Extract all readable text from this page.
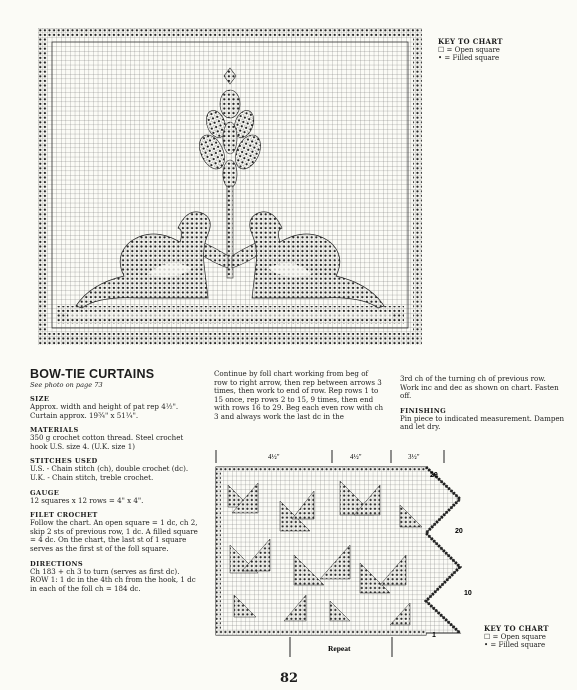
KEY TO CHART
☐ = Open square
• = Filled square
BOW-TIE CURTAINS
See photo on page 73
SIZE
Approx. width and height of pat rep 4½". Curtain approx. 19¾" x 51¼".
MATERIALS
350 g crochet cotton thread. Steel crochet hook U.S. size 4. (U.K. size 1)
STITCHES USED
U.S. - Chain stitch (ch), double crochet (dc). U.K. - Chain stitch, treble crochet.
GAUGE
12 squares x 12 rows = 4" x 4".
FILET CROCHET
Follow the chart. An open square = 1 dc, ch 2, skip 2 sts of previous row, 1 dc. A filled square = 4 dc. On the chart, the last st of 1 square serves as the first st of the foll square.
DIRECTIONS
Ch 183 + ch 3 to turn (serves as first dc).
ROW 1: 1 dc in the 4th ch from the hook, 1 dc in each of the foll ch = 184 dc.
Continue by foll chart working from beg of row to right arrow, then rep between arrows 3 times, then work to end of row. Rep rows 1 to 15 once, rep rows 2 to 15, 9 times, then end with rows 16 to 29. Beg each even row with ch 3 and always work the last dc in the
3rd ch of the turning ch of previous row. Work inc and dec as shown on chart. Fasten off.
FINISHING
Pin piece to indicated measurement. Dampen and let dry.
4½"	4½"	3½"
29
20
10
1
Repeat
KEY TO CHART
☐ = Open square
• = Filled square
82
